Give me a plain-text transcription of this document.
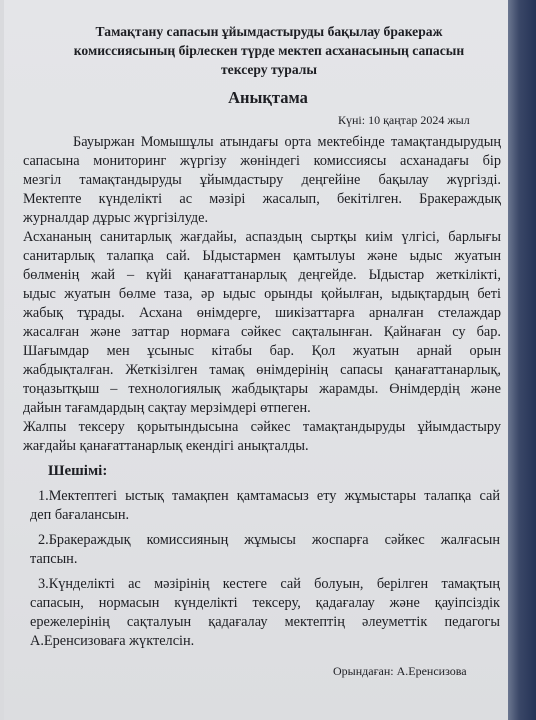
Тамақтану сапасын ұйымдастыруды бақылау бракераж

комиссиясының бірлескен түрде мектеп асханасының сапасын

тексеру туралы

Анықтама
Күні: 10 қаңтар 2024 жыл

Бауыржан Момышұлы атындағы орта мектебінде тамақтандырудың

сапасына мониторинг жүргізу жөніндегі комиссиясы асханадағы бір

мезгіл тамақтандыруды ұйымдастыру деңгейіне бақылау жүргізді.

Мектепте күнделікті ас мәзірі жасалып, бекітілген. Бракераждық

журналдар дұрыс жүргізілуде.

Асхананың санитарлық жағдайы, аспаздың сыртқы киім үлгісі, барлығы

санитарлық талапқа сай. Ыдыстармен қамтылуы және ыдыс жуатын

бөлменің жай – күйі қанағаттанарлық деңгейде. Ыдыстар жеткілікті,

ыдыс жуатын бөлме таза, әр ыдыс орынды қойылған, ыдықтардың беті

жабық тұрады. Асхана өнімдерге, шикізаттарға арналған стелаждар

жасалған және заттар нормаға сәйкес сақталынған. Қайнаған су бар.

Шағымдар мен ұсыныс кітабы бар. Қол жуатын арнай орын

жабдықталған. Жеткізілген тамақ өнімдерінің сапасы қанағаттанарлық,

тоңазытқыш – технологиялық жабдықтары жарамды. Өнімдердің және

дайын тағамдардың сақтау мерзімдері өтпеген.

Жалпы тексеру қорытындысына сәйкес тамақтандыруды ұйымдастыру

жағдайы қанағаттанарлық екендігі анықталды.

Шешімі:

1.Мектептегі ыстық тамақпен қамтамасыз ету жұмыстары талапқа сай

деп бағалансын.

2.Бракераждық комиссияның жұмысы жоспарға сәйкес жалғасын

тапсын.

3.Күнделікті ас мәзірінің кестеге сай болуын, берілген тамақтың

сапасын, нормасын күнделікті тексеру, қадағалау және қауіпсіздік

ережелерінің сақталуын қадағалау мектептің әлеуметтік педагогы

А.Еренсизоваға жүктелсін.

Орындаған: А.Еренсизова
